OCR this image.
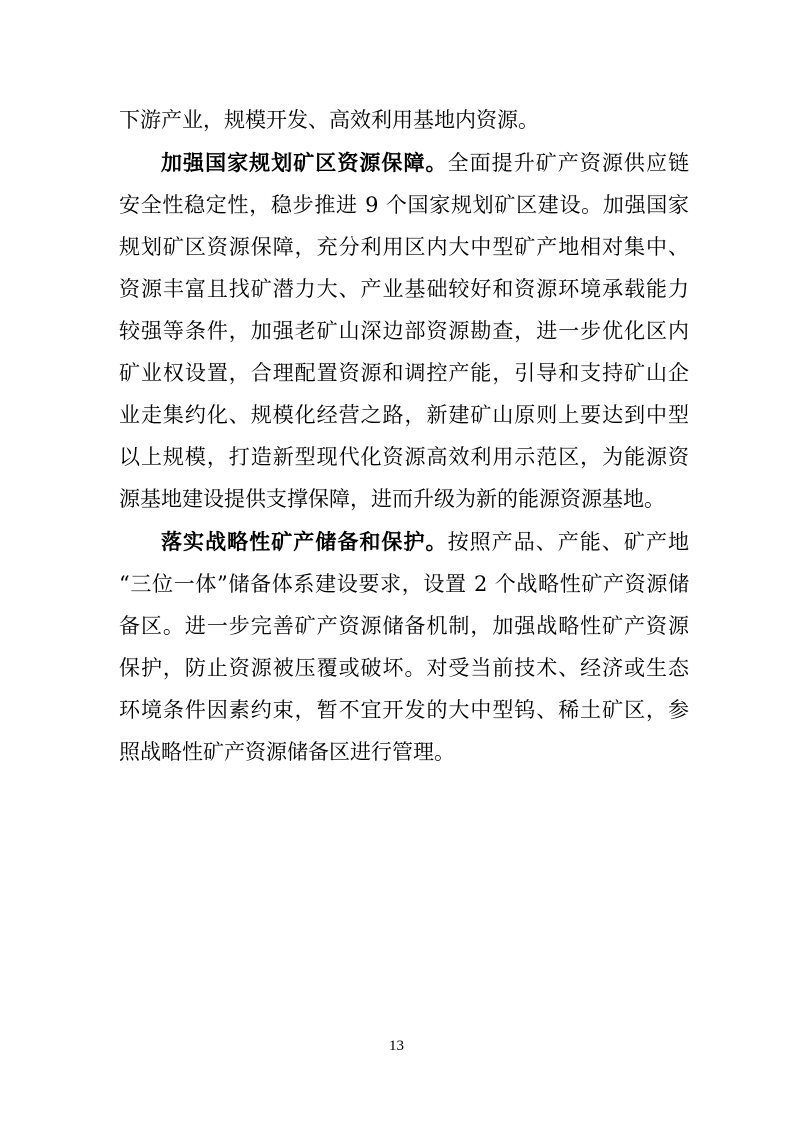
下游产业，规模开发、高效利用基地内资源。
加强国家规划矿区资源保障。全面提升矿产资源供应链
安全性稳定性，稳步推进 9 个国家规划矿区建设。加强国家
规划矿区资源保障，充分利用区内大中型矿产地相对集中、
资源丰富且找矿潜力大、产业基础较好和资源环境承载能力
较强等条件，加强老矿山深边部资源勘查，进一步优化区内
矿业权设置，合理配置资源和调控产能，引导和支持矿山企
业走集约化、规模化经营之路，新建矿山原则上要达到中型
以上规模，打造新型现代化资源高效利用示范区，为能源资
源基地建设提供支撑保障，进而升级为新的能源资源基地。
落实战略性矿产储备和保护。按照产品、产能、矿产地
“三位一体”储备体系建设要求，设置 2 个战略性矿产资源储
备区。进一步完善矿产资源储备机制，加强战略性矿产资源
保护，防止资源被压覆或破坏。对受当前技术、经济或生态
环境条件因素约束，暂不宜开发的大中型钨、稀土矿区，参
照战略性矿产资源储备区进行管理。
13
